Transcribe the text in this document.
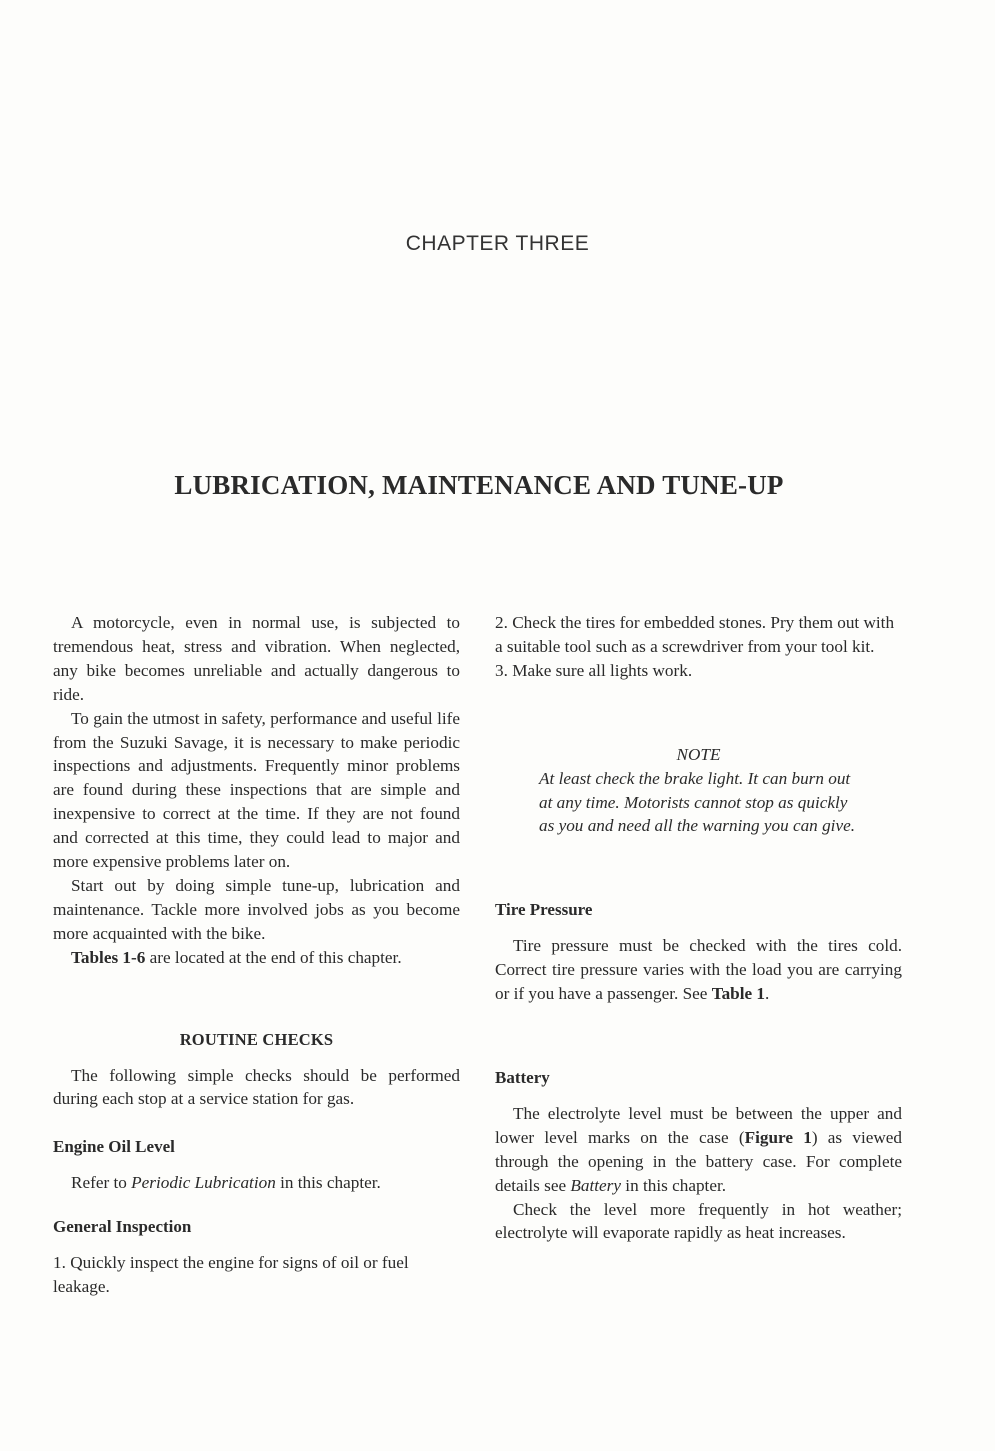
CHAPTER THREE
LUBRICATION, MAINTENANCE AND TUNE-UP

A motorcycle, even in normal use, is subjected to tremendous heat, stress and vibration. When neglected, any bike becomes unreliable and actually dangerous to ride.

To gain the utmost in safety, performance and useful life from the Suzuki Savage, it is necessary to make periodic inspections and adjustments. Frequently minor problems are found during these inspections that are simple and inexpensive to correct at the time. If they are not found and corrected at this time, they could lead to major and more expensive problems later on.

Start out by doing simple tune-up, lubrication and maintenance. Tackle more involved jobs as you become more acquainted with the bike.

Tables 1-6 are located at the end of this chapter.

ROUTINE CHECKS

The following simple checks should be performed during each stop at a service station for gas.

Engine Oil Level

Refer to Periodic Lubrication in this chapter.

General Inspection

1. Quickly inspect the engine for signs of oil or fuel leakage.

2. Check the tires for embedded stones. Pry them out with a suitable tool such as a screwdriver from your tool kit.

3. Make sure all lights work.

NOTE

At least check the brake light. It can burn out at any time. Motorists cannot stop as quickly as you and need all the warning you can give.

Tire Pressure

Tire pressure must be checked with the tires cold. Correct tire pressure varies with the load you are carrying or if you have a passenger. See Table 1.

Battery

The electrolyte level must be between the upper and lower level marks on the case (Figure 1) as viewed through the opening in the battery case. For complete details see Battery in this chapter.

Check the level more frequently in hot weather; electrolyte will evaporate rapidly as heat increases.
